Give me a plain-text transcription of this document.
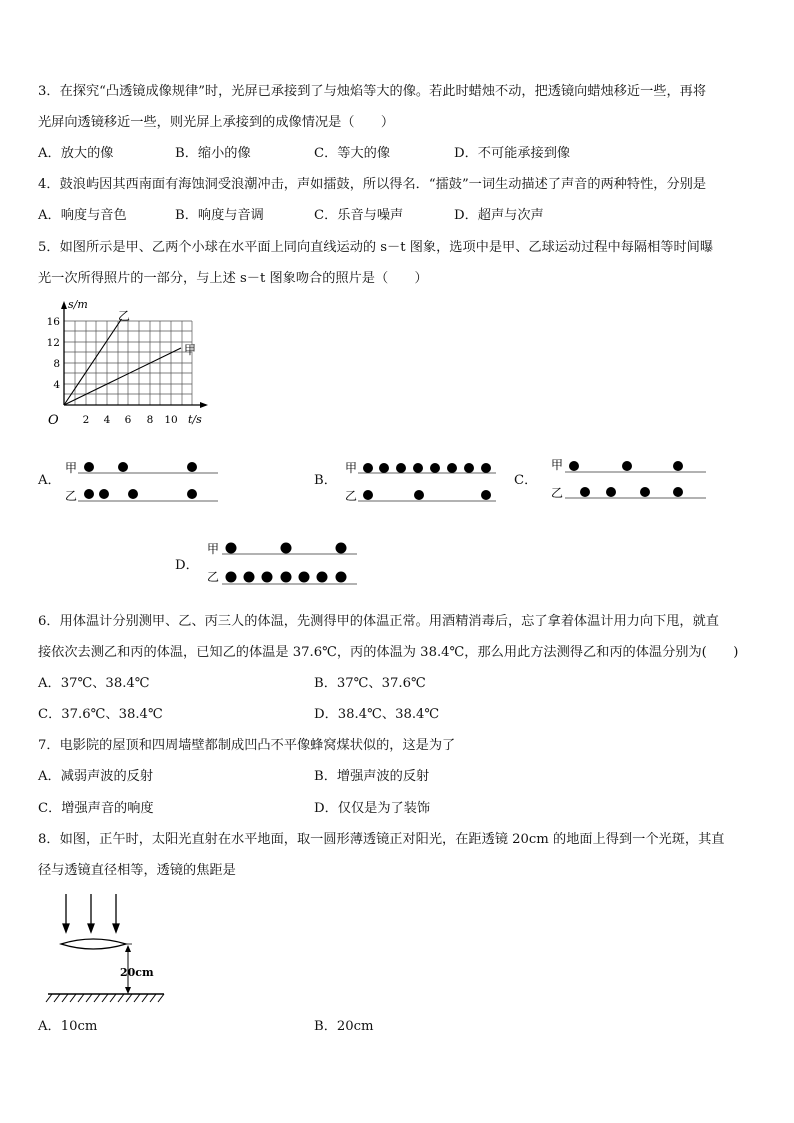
3．在探究“凸透镜成像规律”时，光屏已承接到了与烛焰等大的像。若此时蜡烛不动，把透镜向蜡烛移近一些，再将
光屏向透镜移近一些，则光屏上承接到的成像情况是（　　）
A．放大的像	B．缩小的像	C．等大的像	D．不可能承接到像
4．鼓浪屿因其西南面有海蚀洞受浪潮冲击，声如擂鼓，所以得名．“擂鼓”一词生动描述了声音的两种特性，分别是
A．响度与音色	B．响度与音调	C．乐音与噪声	D．超声与次声
5．如图所示是甲、乙两个小球在水平面上同向直线运动的 s－t 图象，选项中是甲、乙球运动过程中每隔相等时间曝
光一次所得照片的一部分，与上述 s－t 图象吻合的照片是（　　）
s/m
t/s
O
乙
甲
16
12
8
4
2 4 6 8 10
A．
甲
乙
B．
甲
乙
C．
甲
乙
D．
甲
乙
6．用体温计分别测甲、乙、丙三人的体温，先测得甲的体温正常。用酒精消毒后，忘了拿着体温计用力向下甩，就直
接依次去测乙和丙的体温，已知乙的体温是 37.6℃，丙的体温为 38.4℃，那么用此方法测得乙和丙的体温分别为(　　)
A．37℃、38.4℃	B．37℃、37.6℃
C．37.6℃、38.4℃	D．38.4℃、38.4℃
7．电影院的屋顶和四周墙壁都制成凹凸不平像蜂窝煤状似的，这是为了
A．减弱声波的反射	B．增强声波的反射
C．增强声音的响度	D．仅仅是为了装饰
8．如图，正午时，太阳光直射在水平地面，取一圆形薄透镜正对阳光，在距透镜 20cm 的地面上得到一个光斑，其直
径与透镜直径相等，透镜的焦距是
20cm
A．10cm	B．20cm
